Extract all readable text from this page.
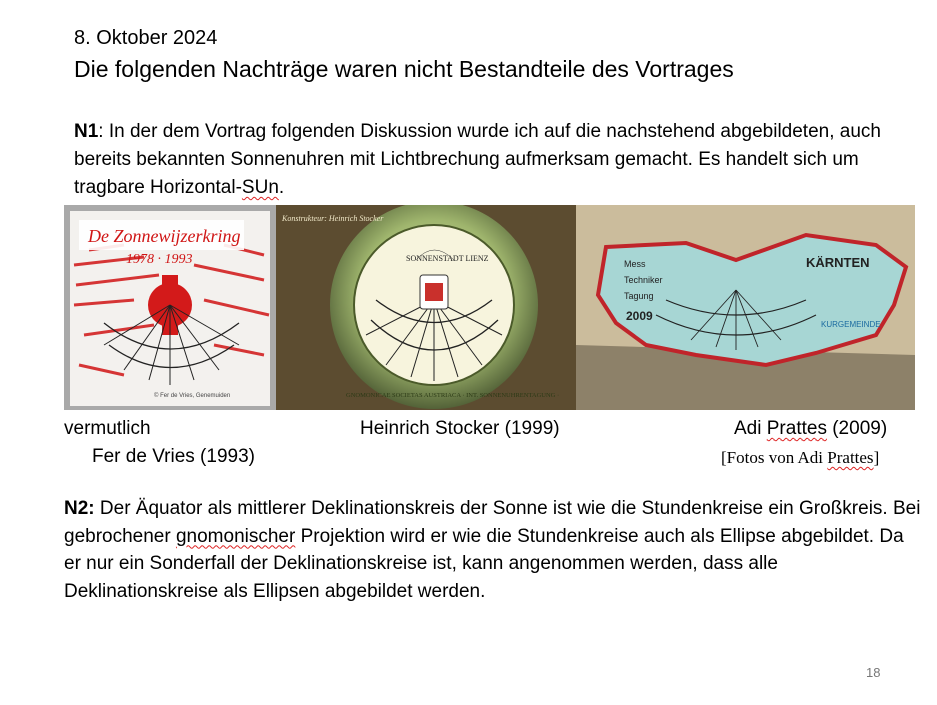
8. Oktober 2024
Die folgenden Nachträge waren nicht Bestandteile des Vortrages
N1: In der dem Vortrag folgenden Diskussion wurde ich auf die nachstehend abgebildeten, auch bereits bekannten Sonnenuhren mit Lichtbrechung aufmerksam gemacht. Es handelt sich um tragbare Horizontal-SUn.
De Zonnewijzerkring
1978 · 1993
© Fer de Vries, Genemuiden
SONNENSTADT LIENZ
Konstrukteur: Heinrich Stocker
GNOMONICAE SOCIETAS AUSTRIACA · INT. SONNENUHRENTAGUNG ·
Mess
Techniker
Tagung
2009
KÄRNTEN
KURGEMEINDE
vermutlich
Fer de Vries (1993)
Heinrich Stocker (1999)	Adi Prattes (2009)
[Fotos von Adi Prattes]
N2: Der Äquator als mittlerer Deklinationskreis der Sonne ist wie die Stundenkreise ein Großkreis. Bei gebrochener gnomonischer Projektion wird er wie die Stundenkreise auch als Ellipse abgebildet. Da er nur ein Sonderfall der Deklinationskreise ist, kann angenommen werden, dass alle Deklinationskreise als Ellipsen abgebildet werden.
18
